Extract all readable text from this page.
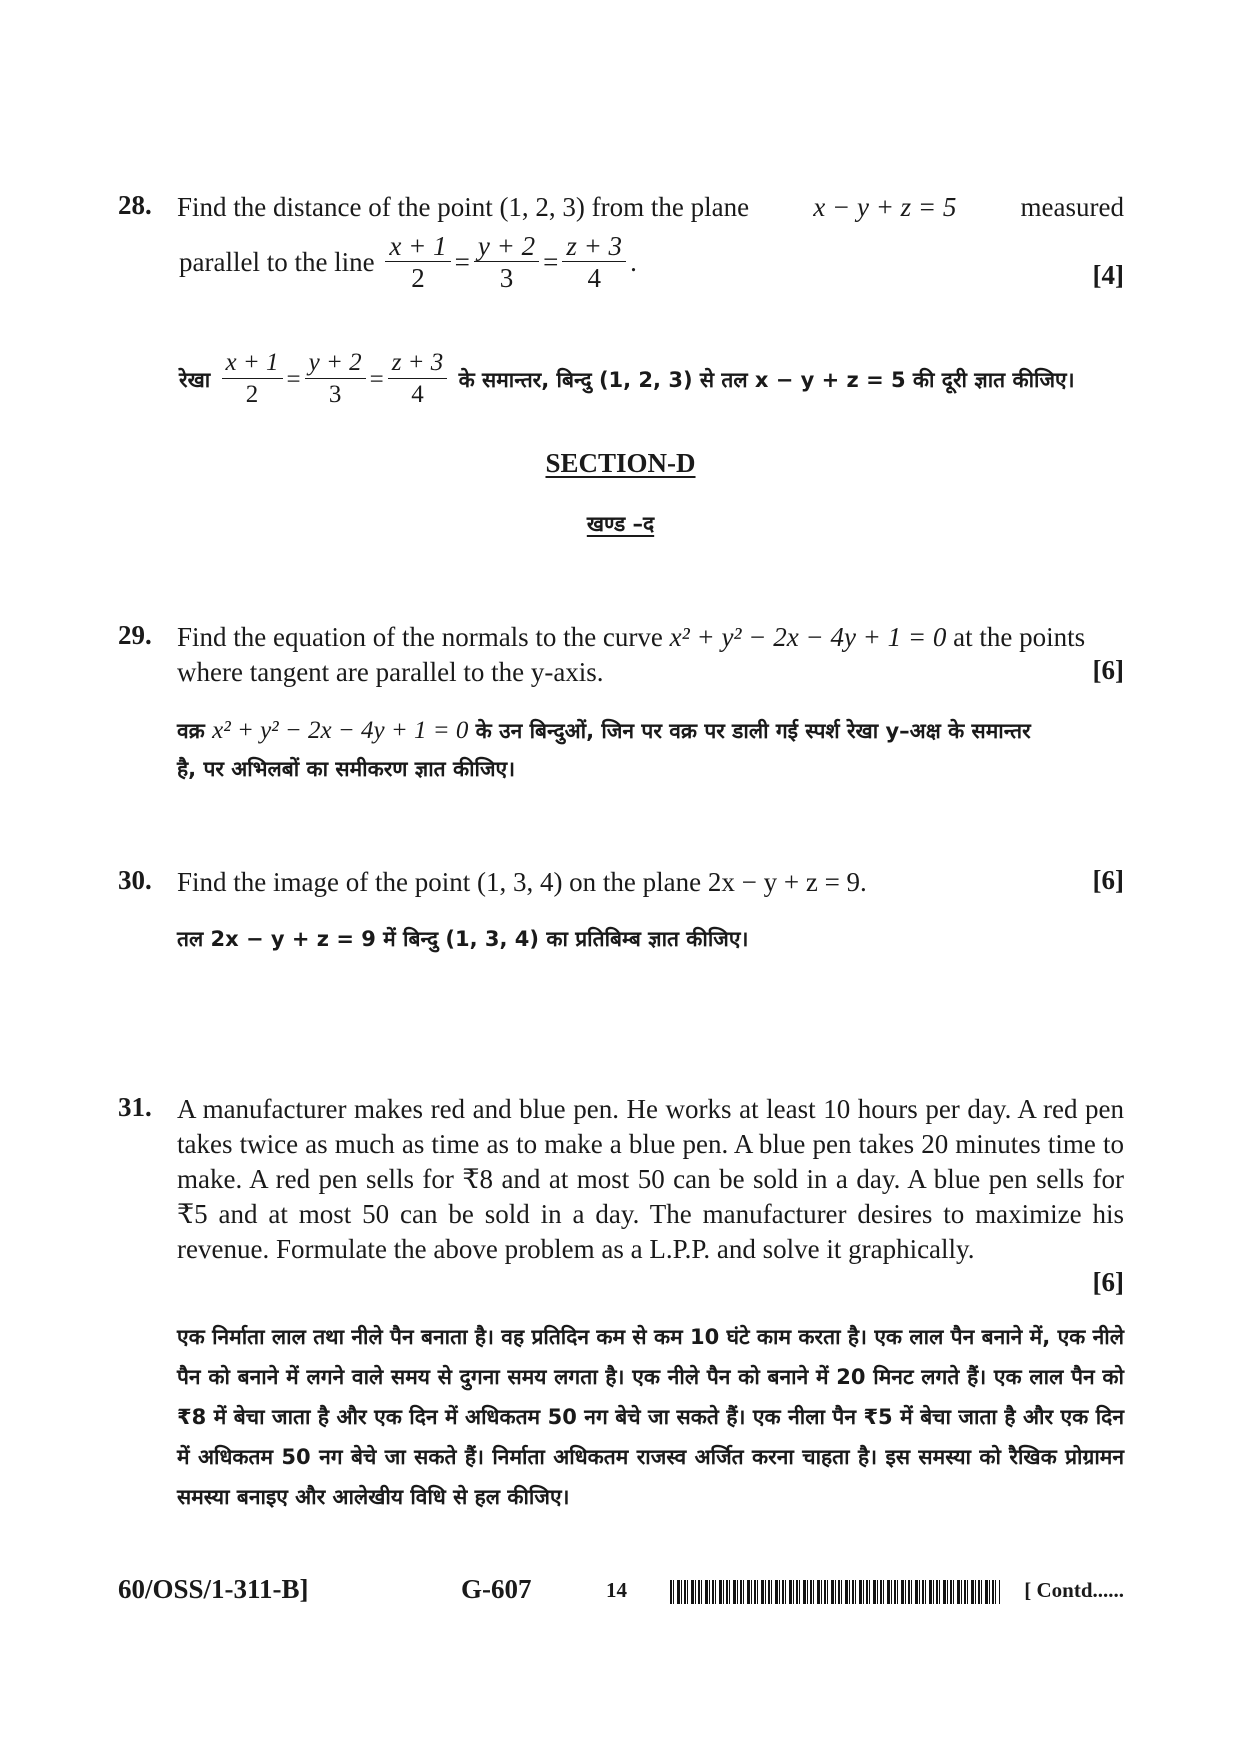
28. Find the distance of the point (1, 2, 3) from the plane x − y + z = 5 measured
parallel to the line $\frac{x + 1}{2} = \frac{y + 2}{3} = \frac{z + 3}{4}$ .	[4]
रेखा $\frac{x + 1}{2} = \frac{y + 2}{3} = \frac{z + 3}{4}$ के समान्तर, बिन्दु (1, 2, 3) से तल x − y + z = 5 की दूरी ज्ञात कीजिए।
SECTION-D
खण्ड –द
29. Find the equation of the normals to the curve x² + y² − 2x − 4y + 1 = 0 at the points
where tangent are parallel to the y-axis.	[6]
वक्र x² + y² − 2x − 4y + 1 = 0 के उन बिन्दुओं, जिन पर वक्र पर डाली गई स्पर्श रेखा y–अक्ष के समान्तर
है, पर अभिलबों का समीकरण ज्ञात कीजिए।
30. Find the image of the point (1, 3, 4) on the plane 2x − y + z = 9.	[6]
तल 2x − y + z = 9 में बिन्दु (1, 3, 4) का प्रतिबिम्ब ज्ञात कीजिए।
31. A manufacturer makes red and blue pen. He works at least 10 hours per day. A red pen takes twice as much as time as to make a blue pen. A blue pen takes 20 minutes time to make. A red pen sells for ₹8 and at most 50 can be sold in a day. A blue pen sells for ₹5 and at most 50 can be sold in a day. The manufacturer desires to maximize his revenue. Formulate the above problem as a L.P.P. and solve it graphically.
[6]
एक निर्माता लाल तथा नीले पैन बनाता है। वह प्रतिदिन कम से कम 10 घंटे काम करता है। एक लाल पैन बनाने में, एक नीले पैन को बनाने में लगने वाले समय से दुगना समय लगता है। एक नीले पैन को बनाने में 20 मिनट लगते हैं। एक लाल पैन को ₹8 में बेचा जाता है और एक दिन में अधिकतम 50 नग बेचे जा सकते हैं। एक नीला पैन ₹5 में बेचा जाता है और एक दिन में अधिकतम 50 नग बेचे जा सकते हैं। निर्माता अधिकतम राजस्व अर्जित करना चाहता है। इस समस्या को रैखिक प्रोग्रामन समस्या बनाइए और आलेखीय विधि से हल कीजिए।
60/OSS/1-311-B]	G-607	14	[ Contd......
